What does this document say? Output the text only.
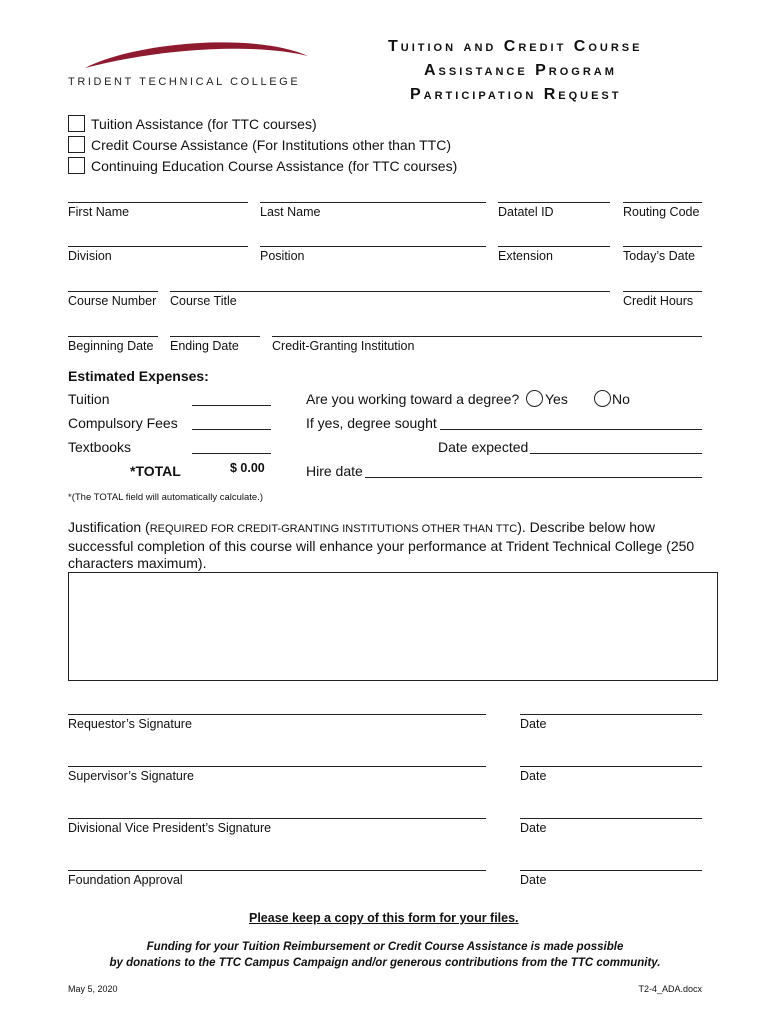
TRIDENT TECHNICAL COLLEGE
Tuition and Credit Course
Assistance Program
Participation Request
Tuition Assistance (for TTC courses)
Credit Course Assistance (For Institutions other than TTC)
Continuing Education Course Assistance (for TTC courses)
First Name	Last Name	Datatel ID	Routing Code
Division	Position	Extension	Today’s Date
Course Number Course Title	Credit Hours
Beginning Date Ending Date	Credit-Granting Institution
Estimated Expenses:
Tuition
Compulsory Fees
Textbooks
*TOTAL	$ 0.00
Are you working toward a degree? Yes	No
If yes, degree sought
Date expected
Hire date
*(The TOTAL field will automatically calculate.)
Justification (REQUIRED FOR CREDIT-GRANTING INSTITUTIONS OTHER THAN TTC). Describe below how successful completion of this course will enhance your performance at Trident Technical College (250 characters maximum).
Requestor’s Signature	Date
Supervisor’s Signature	Date
Divisional Vice President’s Signature	Date
Foundation Approval	Date
Please keep a copy of this form for your files.
Funding for your Tuition Reimbursement or Credit Course Assistance is made possible
by donations to the TTC Campus Campaign and/or generous contributions from the TTC community.
May 5, 2020	T2-4_ADA.docx
